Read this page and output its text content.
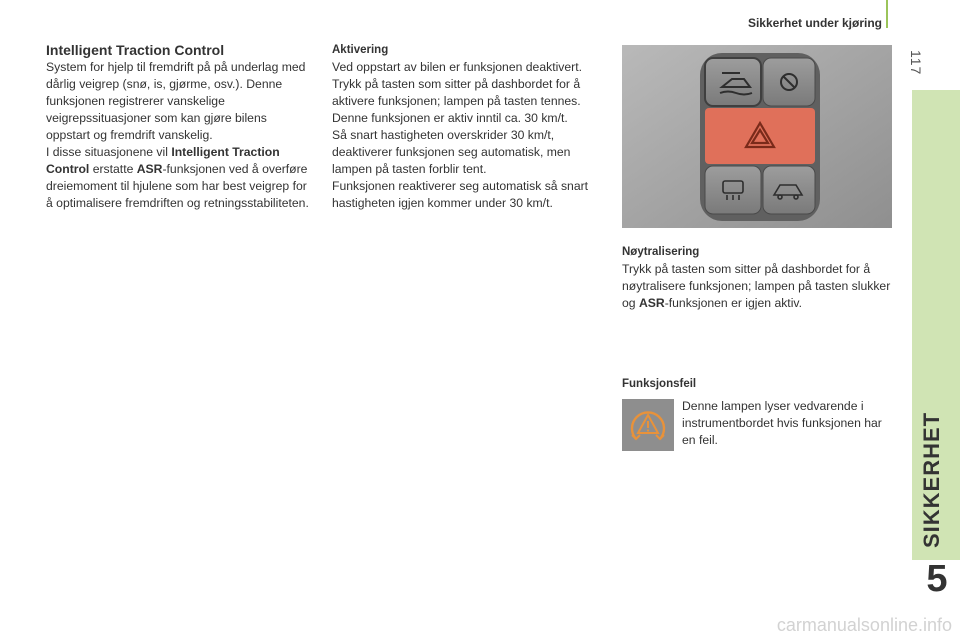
Sikkerhet under kjøring
117
SIKKERHET
5

Intelligent Traction Control

System for hjelp til fremdrift på på underlag med dårlig veigrep (snø, is, gjørme, osv.). Denne funksjonen registrerer vanskelige veigrepssituasjoner som kan gjøre bilens oppstart og fremdrift vanskelig.

I disse situasjonene vil Intelligent Traction Control erstatte ASR-funksjonen ved å overføre dreiemoment til hjulene som har best veigrep for å optimalisere fremdriften og retningsstabiliteten.

Aktivering

Ved oppstart av bilen er funksjonen deaktivert.

Trykk på tasten som sitter på dashbordet for å aktivere funksjonen; lampen på tasten tennes.

Denne funksjonen er aktiv inntil ca. 30 km/t.

Så snart hastigheten overskrider 30 km/t, deaktiverer funksjonen seg automatisk, men lampen på tasten forblir tent.

Funksjonen reaktiverer seg automatisk så snart hastigheten igjen kommer under 30 km/t.

Nøytralisering

Trykk på tasten som sitter på dashbordet for å nøytralisere funksjonen; lampen på tasten slukker og ASR-funksjonen er igjen aktiv.

Funksjonsfeil

Denne lampen lyser vedvarende i instrumentbordet hvis funksjonen har en feil.

carmanualsonline.info
